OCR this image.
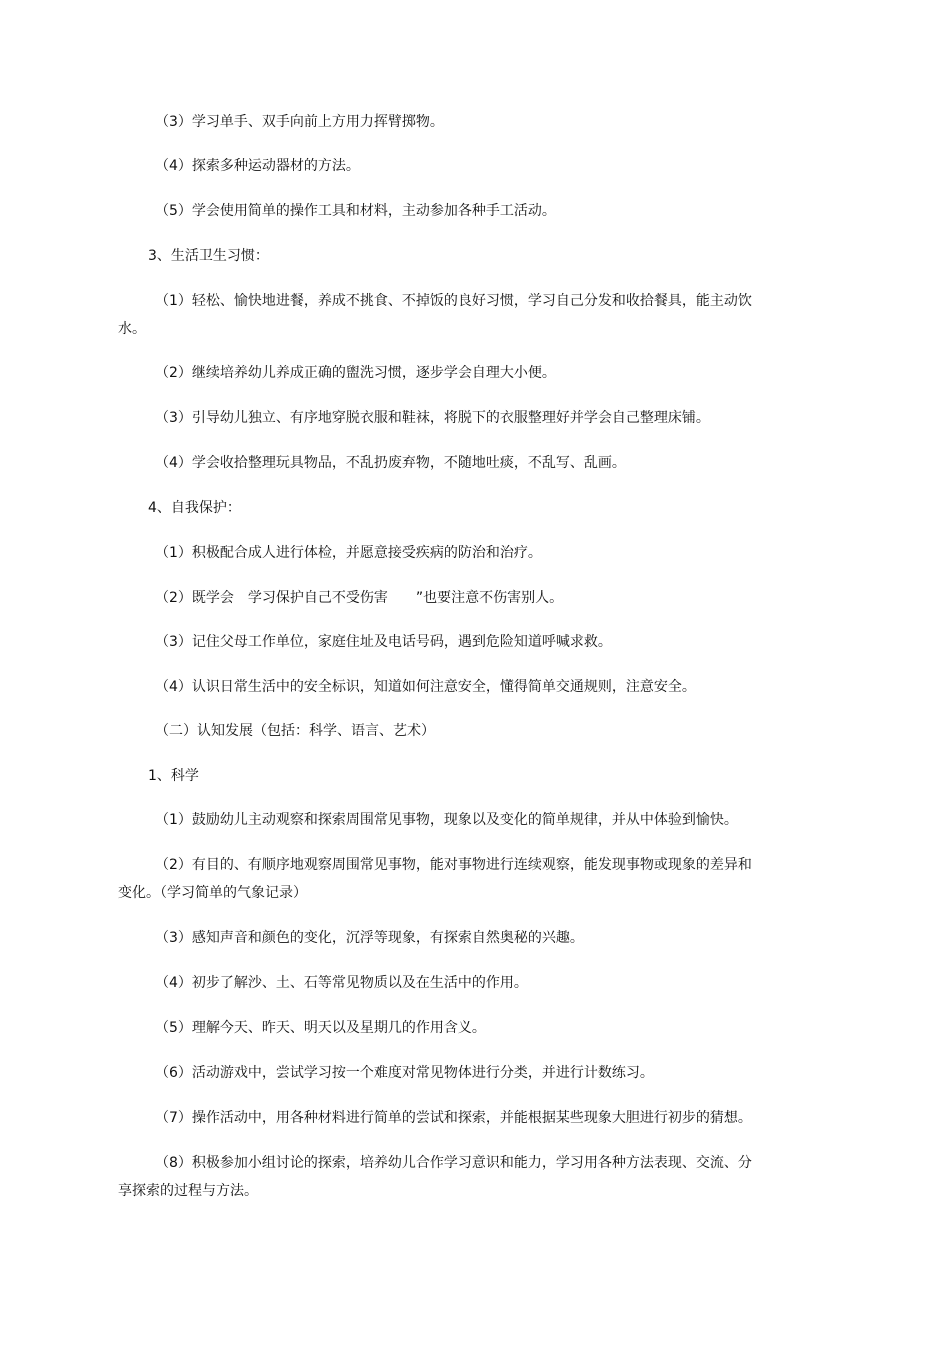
（3）学习单手、双手向前上方用力挥臂掷物。

（4）探索多种运动器材的方法。

（5）学会使用简单的操作工具和材料，主动参加各种手工活动。

3、生活卫生习惯：

（1）轻松、愉快地进餐，养成不挑食、不掉饭的良好习惯，学习自己分发和收拾餐具，能主动饮

水。

（2）继续培养幼儿养成正确的盥洗习惯，逐步学会自理大小便。

（3）引导幼儿独立、有序地穿脱衣服和鞋袜，将脱下的衣服整理好并学会自己整理床铺。

（4）学会收拾整理玩具物品，不乱扔废弃物，不随地吐痰，不乱写、乱画。

4、自我保护：

（1）积极配合成人进行体检，并愿意接受疾病的防治和治疗。

（2）既学会　学习保护自己不受伤害　　”也要注意不伤害别人。

（3）记住父母工作单位，家庭住址及电话号码，遇到危险知道呼喊求救。

（4）认识日常生活中的安全标识，知道如何注意安全，懂得简单交通规则，注意安全。

（二）认知发展（包括：科学、语言、艺术）

1、科学

（1）鼓励幼儿主动观察和探索周围常见事物，现象以及变化的简单规律，并从中体验到愉快。

（2）有目的、有顺序地观察周围常见事物，能对事物进行连续观察，能发现事物或现象的差异和

变化。（学习简单的气象记录）

（3）感知声音和颜色的变化，沉浮等现象，有探索自然奥秘的兴趣。

（4）初步了解沙、土、石等常见物质以及在生活中的作用。

（5）理解今天、昨天、明天以及星期几的作用含义。

（6）活动游戏中，尝试学习按一个难度对常见物体进行分类，并进行计数练习。

（7）操作活动中，用各种材料进行简单的尝试和探索，并能根据某些现象大胆进行初步的猜想。

（8）积极参加小组讨论的探索，培养幼儿合作学习意识和能力，学习用各种方法表现、交流、分

享探索的过程与方法。
